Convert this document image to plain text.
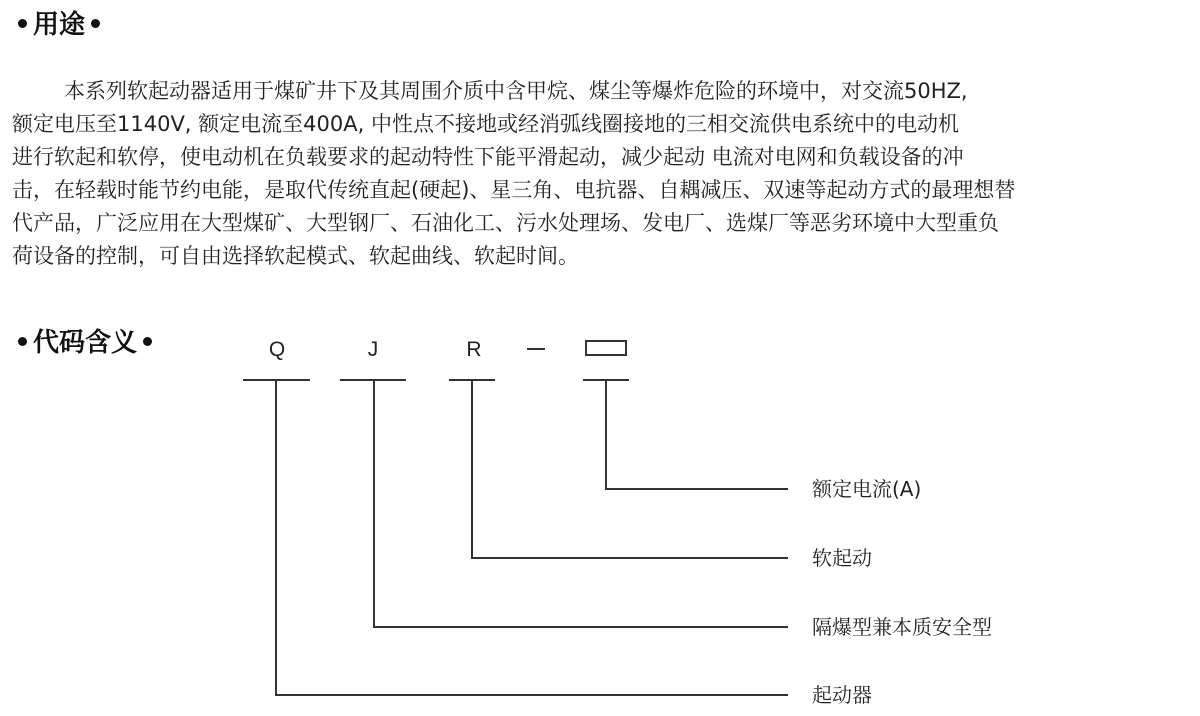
用途
本系列软起动器适用于煤矿井下及其周围介质中含甲烷、煤尘等爆炸危险的环境中，对交流50HZ,
额定电压至1140V, 额定电流至400A, 中性点不接地或经消弧线圈接地的三相交流供电系统中的电动机
进行软起和软停，使电动机在负载要求的起动特性下能平滑起动，减少起动 电流对电网和负载设备的冲
击，在轻载时能节约电能，是取代传统直起(硬起)、星三角、电抗器、自耦减压、双速等起动方式的最理想替
代产品，广泛应用在大型煤矿、大型钢厂、石油化工、污水处理场、发电厂、选煤厂等恶劣环境中大型重负
荷设备的控制，可自由选择软起模式、软起曲线、软起时间。
代码含义	Q	J	R
额定电流(A)
软起动
隔爆型兼本质安全型
起动器
